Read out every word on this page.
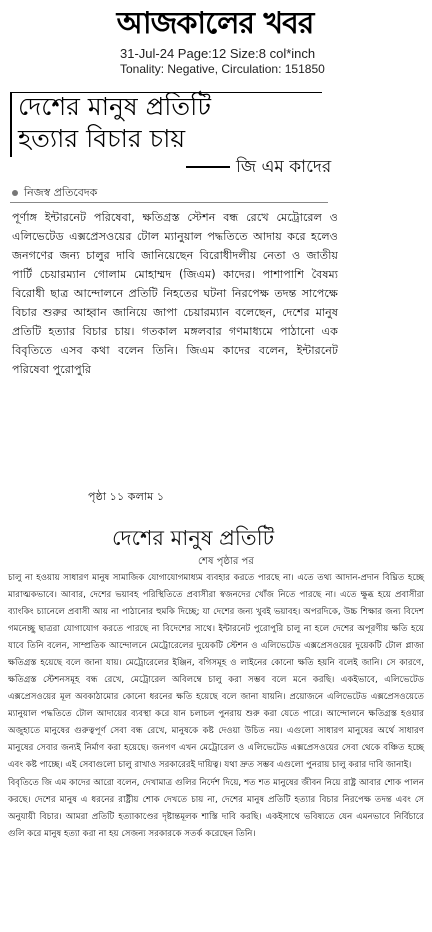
আজকালের খবর
31-Jul-24 Page:12 Size:8 col*inch
Tonality: Negative, Circulation: 151850
দেশের মানুষ প্রতিটি
হত্যার বিচার চায়
জি এম কাদের
নিজস্ব প্রতিবেদক
পূর্ণাঙ্গ ইন্টারনেট পরিষেবা, ক্ষতিগ্রস্ত স্টেশন বন্ধ রেখে মেট্রোরেল ও এলিভেটেড এক্সপ্রেসওয়ের টোল ম্যানুয়াল পদ্ধতিতে আদায় করে হলেও জনগণের জন্য চালুর দাবি জানিয়েছেন বিরোধীদলীয় নেতা ও জাতীয় পার্টি চেয়ারম্যান গোলাম মোহাম্মদ (জিএম) কাদের। পাশাপাশি বৈষম্য বিরোধী ছাত্র আন্দোলনে প্রতিটি নিহতের ঘটনা নিরপেক্ষ তদন্ত সাপেক্ষে বিচার শুরুর আহ্বান জানিয়ে জাপা চেয়ারম্যান বলেছেন, দেশের মানুষ প্রতিটি হত্যার বিচার চায়। গতকাল মঙ্গলবার গণমাধ্যমে পাঠানো এক বিবৃতিতে এসব কথা বলেন তিনি। জিএম কাদের বলেন, ইন্টারনেট পরিষেবা পুরোপুরি
পৃষ্ঠা ১১ কলাম ১
দেশের মানুষ প্রতিটি
শেষ পৃষ্ঠার পর

চালু না হওয়ায় সাধারণ মানুষ সামাজিক যোগাযোগমাধ্যম ব্যবহার করতে পারছে না। এতে তথ্য আদান-প্রদান বিঘ্নিত হচ্ছে মারাত্মকভাবে। আবার, দেশের ভয়াবহ পরিস্থিতিতে প্রবাসীরা স্বজনদের খোঁজ নিতে পারছে না। এতে ক্ষুব্ধ হয়ে প্রবাসীরা ব্যাংকিং চ্যানেলে প্রবাসী আয় না পাঠানোর হুমকি দিচ্ছে; যা দেশের জন্য খুবই ভয়াবহ। অপরদিকে, উচ্চ শিক্ষার জন্য বিদেশ গমনেচ্ছু ছাত্ররা যোগাযোগ করতে পারছে না বিদেশের সাথে। ইন্টারনেট পুরোপুরি চালু না হলে দেশের অপূরণীয় ক্ষতি হয়ে যাবে তিনি বলেন, সাম্প্রতিক আন্দোলনে মেট্রোরেলের দুয়েকটি স্টেশন ও এলিভেটেড এক্সপ্রেসওয়ের দুয়েকটি টোল প্লাজা ক্ষতিগ্রস্ত হয়েছে বলে জানা যায়। মেট্রোরেলের ইঞ্জিন, বগিসমূহ ও লাইনের কোনো ক্ষতি হয়নি বলেই জানি। সে কারণে, ক্ষতিগ্রস্ত স্টেশনসমূহ বন্ধ রেখে, মেট্রোরেল অবিলম্বে চালু করা সম্ভব বলে মনে করছি। একইভাবে, এলিভেটেড এক্সপ্রেসওয়ের মূল অবকাঠামোর কোনো ধরনের ক্ষতি হয়েছে বলে জানা যায়নি। প্রয়োজনে এলিভেটেড এক্সপ্রেসওয়েতে ম্যানুয়াল পদ্ধতিতে টোল আদায়ের ব্যবস্থা করে যান চলাচল পুনরায় শুরু করা যেতে পারে। আন্দোলনে ক্ষতিগ্রস্ত হওয়ার অজুহাতে মানুষের গুরুত্বপূর্ণ সেবা বন্ধ রেখে, মানুষকে কষ্ট দেওয়া উচিত নয়। এগুলো সাধারণ মানুষের অর্থে সাধারণ মানুষের সেবার জন্যই নির্মাণ করা হয়েছে। জনগণ এখন মেট্রোরেল ও এলিভেটেড এক্সপ্রেসওয়ের সেবা থেকে বঞ্চিত হচ্ছে এবং কষ্ট পাচ্ছে। এই সেবাগুলো চালু রাখাও সরকারেরই দায়িত্ব। যথা দ্রুত সম্ভব এগুলো পুনরায় চালু করার দাবি জানাই।

বিবৃতিতে জি এম কাদের আরো বলেন, দেখামাত্র গুলির নির্দেশ দিয়ে, শত শত মানুষের জীবন নিয়ে রাষ্ট্র আবার শোক পালন করছে। দেশের মানুষ এ ধরনের রাষ্ট্রীয় শোক দেখতে চায় না, দেশের মানুষ প্রতিটি হত্যার বিচার নিরপেক্ষ তদন্ত এবং সে অনুযায়ী বিচার। আমরা প্রতিটি হত্যাকাণ্ডের দৃষ্টান্তমূলক শাস্তি দাবি করছি। একইসাথে ভবিষ্যতে যেন এমনভাবে নির্বিচারে গুলি করে মানুষ হত্যা করা না হয় সেজন্য সরকারকে সতর্ক করেছেন তিনি।
